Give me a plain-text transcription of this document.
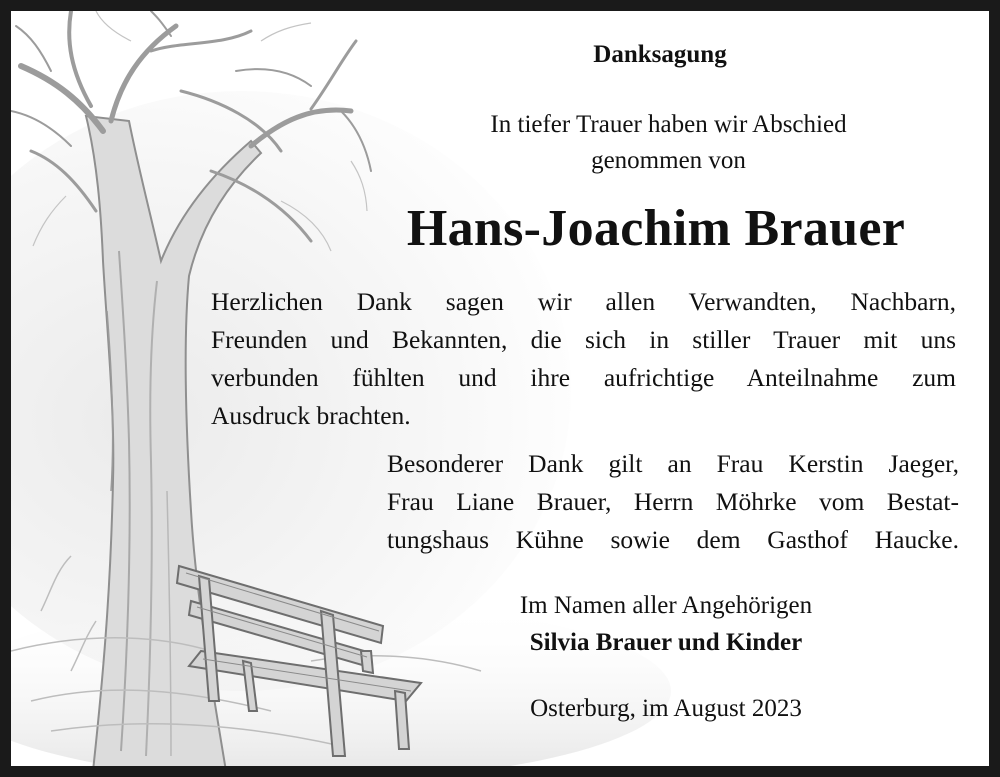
Danksagung
In tiefer Trauer haben wir Abschied
genommen von
Hans-Joachim Brauer
Herzlichen Dank sagen wir allen Verwandten, Nachbarn,
Freunden und Bekannten, die sich in stiller Trauer mit uns
verbunden fühlten und ihre aufrichtige Anteilnahme zum
Ausdruck brachten.
Besonderer Dank gilt an Frau Kerstin Jaeger,
Frau Liane Brauer, Herrn Möhrke vom Bestat-
tungshaus Kühne sowie dem Gasthof Haucke.
Im Namen aller Angehörigen
Silvia Brauer und Kinder
Osterburg, im August 2023
